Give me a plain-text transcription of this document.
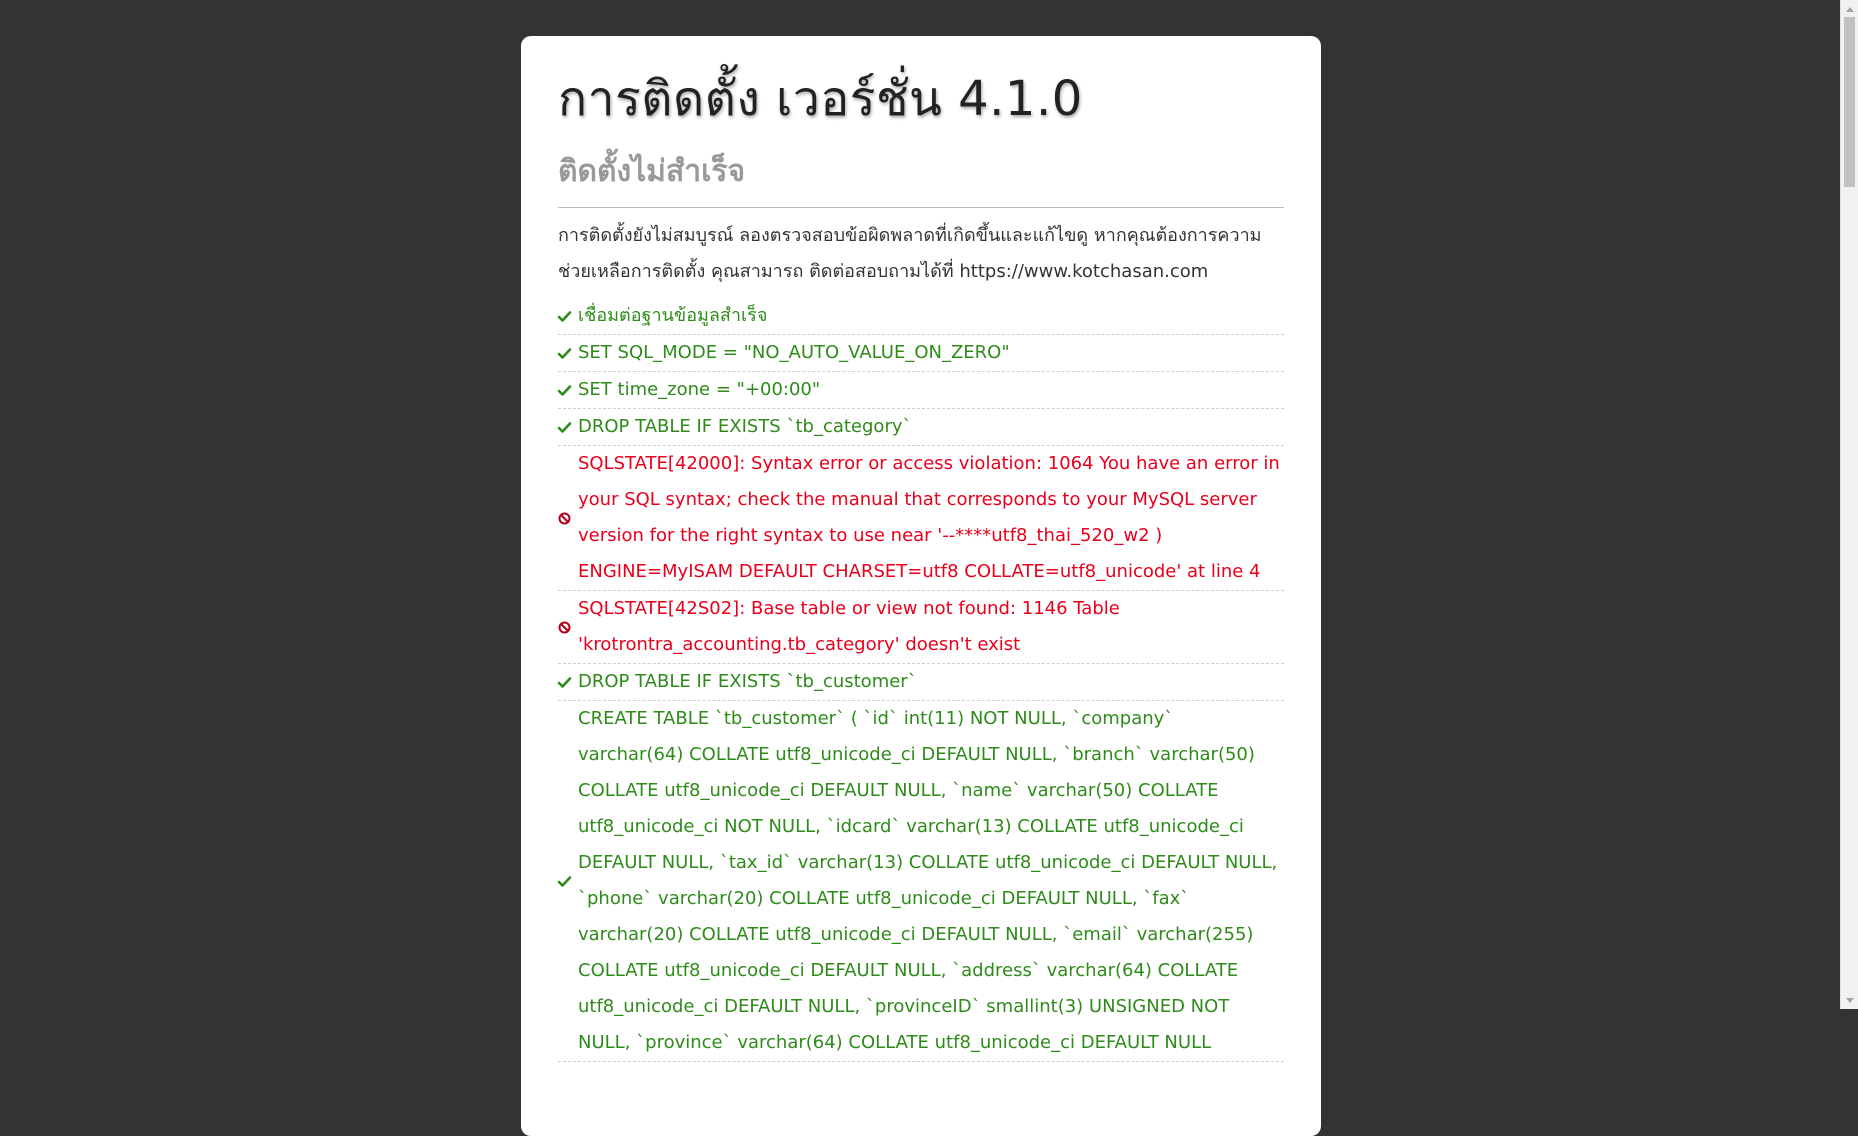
การติดตั้ง เวอร์ชั่น 4.1.0
ติดตั้งไม่สำเร็จ

การติดตั้งยังไม่สมบูรณ์ ลองตรวจสอบข้อผิดพลาดที่เกิดขึ้นและแก้ไขดู หากคุณต้องการความช่วยเหลือการติดตั้ง คุณสามารถ ติดต่อสอบถามได้ที่ https://www.kotchasan.com

เชื่อมต่อฐานข้อมูลสำเร็จ
SET SQL_MODE = "NO_AUTO_VALUE_ON_ZERO"
SET time_zone = "+00:00"
DROP TABLE IF EXISTS `tb_category`
SQLSTATE[42000]: Syntax error or access violation: 1064 You have an error in your SQL syntax; check the manual that corresponds to your MySQL server version for the right syntax to use near '--****utf8_thai_520_w2 ) ENGINE=MyISAM DEFAULT CHARSET=utf8 COLLATE=utf8_unicode' at line 4
SQLSTATE[42S02]: Base table or view not found: 1146 Table 'krotrontra_accounting.tb_category' doesn't exist
DROP TABLE IF EXISTS `tb_customer`
CREATE TABLE `tb_customer` ( `id` int(11) NOT NULL, `company` varchar(64) COLLATE utf8_unicode_ci DEFAULT NULL, `branch` varchar(50) COLLATE utf8_unicode_ci DEFAULT NULL, `name` varchar(50) COLLATE utf8_unicode_ci NOT NULL, `idcard` varchar(13) COLLATE utf8_unicode_ci DEFAULT NULL, `tax_id` varchar(13) COLLATE utf8_unicode_ci DEFAULT NULL, `phone` varchar(20) COLLATE utf8_unicode_ci DEFAULT NULL, `fax` varchar(20) COLLATE utf8_unicode_ci DEFAULT NULL, `email` varchar(255) COLLATE utf8_unicode_ci DEFAULT NULL, `address` varchar(64) COLLATE utf8_unicode_ci DEFAULT NULL, `provinceID` smallint(3) UNSIGNED NOT NULL, `province` varchar(64) COLLATE utf8_unicode_ci DEFAULT NULL
